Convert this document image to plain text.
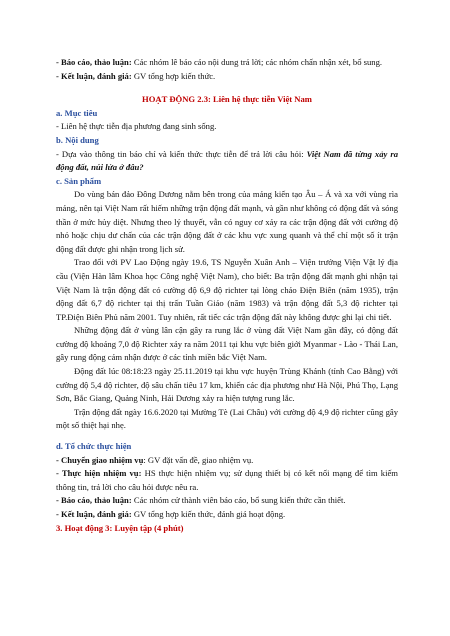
- Báo cáo, thảo luận: Các nhóm lê báo cáo nội dung trả lời; các nhóm chấn nhận xét, bổ sung.

- Kết luận, đánh giá: GV tổng hợp kiến thức.

HOẠT ĐỘNG 2.3: Liên hệ thực tiễn Việt Nam

a. Mục tiêu

- Liên hệ thực tiễn địa phương đang sinh sống.

b. Nội dung

- Dựa vào thông tin báo chí và kiến thức thực tiễn để trả lời câu hỏi: Việt Nam đã từng xảy ra động đất, núi lửa ở đâu?

c. Sản phẩm

Do vùng bán đảo Đông Dương nằm bên trong của mảng kiến tạo Âu – Á và xa với vùng rìa mảng, nên tại Việt Nam rất hiếm những trận động đất mạnh, và gần như không có động đất và sóng thần ở mức hủy diệt. Nhưng theo lý thuyết, vẫn có nguy cơ xảy ra các trận động đất với cường độ nhỏ hoặc chịu dư chấn của các trận động đất ở các khu vực xung quanh và thể chỉ một số ít trận động đất được ghi nhận trong lịch sử.

Trao đổi với PV Lao Động ngày 19.6, TS Nguyễn Xuân Anh – Viện trưởng Viện Vật lý địa cầu (Viện Hàn lâm Khoa học Công nghệ Việt Nam), cho biết: Ba trận động đất mạnh ghi nhận tại Việt Nam là trận động đất có cường độ 6,9 độ richter tại lòng chảo Điện Biên (năm 1935), trận động đất 6,7 độ richter tại thị trấn Tuần Giáo (năm 1983) và trận động đất 5,3 độ richter tại TP.Điện Biên Phủ năm 2001. Tuy nhiên, rất tiếc các trận động đất này không được ghi lại chi tiết.

Những động đất ở vùng lân cận gây ra rung lắc ở vùng đất Việt Nam gần đây, có động đất cường độ khoảng 7,0 độ Richter xảy ra năm 2011 tại khu vực biên giới Myanmar - Lào - Thái Lan, gây rung động cảm nhận được ở các tỉnh miền bắc Việt Nam.

Động đất lúc 08:18:23 ngày 25.11.2019 tại khu vực huyện Trùng Khánh (tỉnh Cao Bằng) với cường độ 5,4 độ richter, độ sâu chấn tiêu 17 km, khiến các địa phương như Hà Nội, Phú Thọ, Lạng Sơn, Bắc Giang, Quảng Ninh, Hải Dương xảy ra hiện tượng rung lắc.

Trận động đất ngày 16.6.2020 tại Mường Tè (Lai Châu) với cường độ 4,9 độ richter cũng gây một số thiệt hại nhẹ.

d. Tổ chức thực hiện

- Chuyển giao nhiệm vụ: GV đặt vấn đề, giao nhiệm vụ.

- Thực hiện nhiệm vụ: HS thực hiện nhiệm vụ; sử dụng thiết bị có kết nối mạng để tìm kiếm thông tin, trả lời cho câu hỏi được nêu ra.

- Báo cáo, thảo luận: Các nhóm cử thành viên báo cáo, bổ sung kiến thức cần thiết.

- Kết luận, đánh giá: GV tổng hợp kiến thức, đánh giá hoạt động.

3. Hoạt động 3: Luyện tập (4 phút)
